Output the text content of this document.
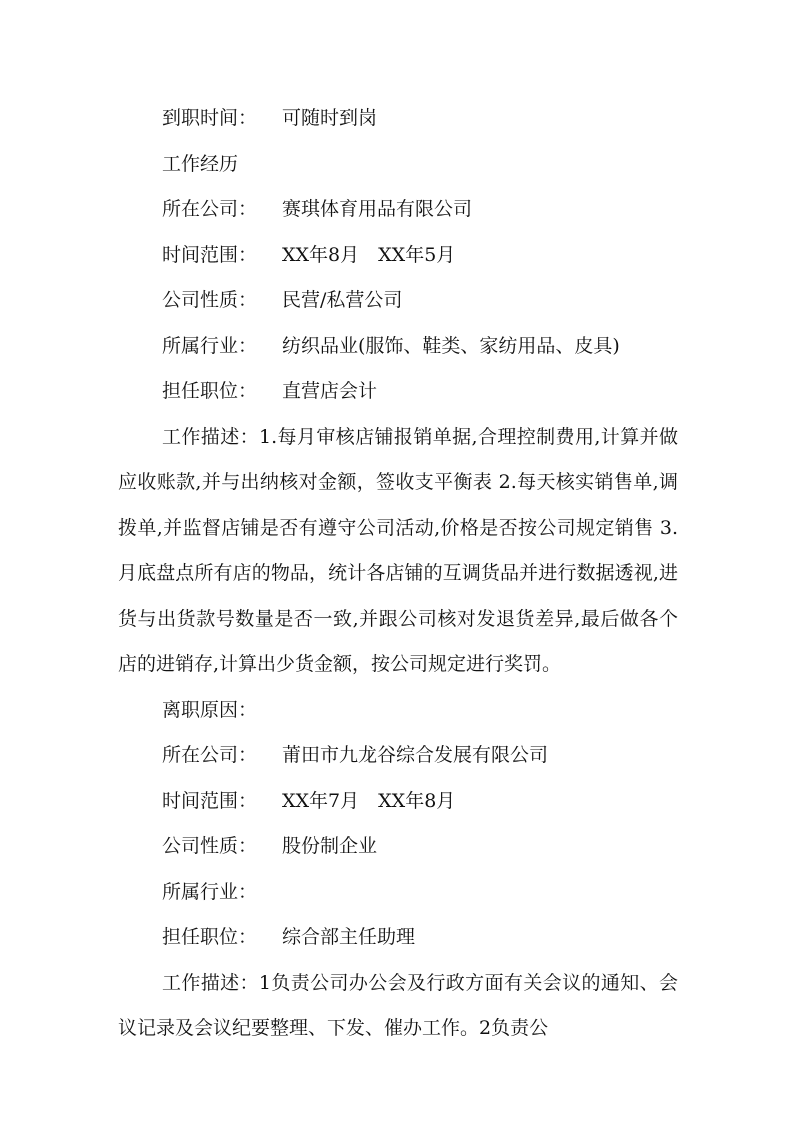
到职时间： 可随时到岗

工作经历

所在公司： 赛琪体育用品有限公司

时间范围： XX年8月　XX年5月

公司性质： 民营/私营公司

所属行业： 纺织品业(服饰、鞋类、家纺用品、皮具)

担任职位： 直营店会计

工作描述：1.每月审核店铺报销单据,合理控制费用,计算并做应收账款,并与出纳核对金额，签收支平衡表 2.每天核实销售单,调拨单,并监督店铺是否有遵守公司活动,价格是否按公司规定销售 3.月底盘点所有店的物品，统计各店铺的互调货品并进行数据透视,进货与出货款号数量是否一致,并跟公司核对发退货差异,最后做各个店的进销存,计算出少货金额，按公司规定进行奖罚。

离职原因：

所在公司： 莆田市九龙谷综合发展有限公司

时间范围： XX年7月　XX年8月

公司性质： 股份制企业

所属行业：

担任职位： 综合部主任助理

工作描述：1负责公司办公会及行政方面有关会议的通知、会议记录及会议纪要整理、下发、催办工作。2负责公
